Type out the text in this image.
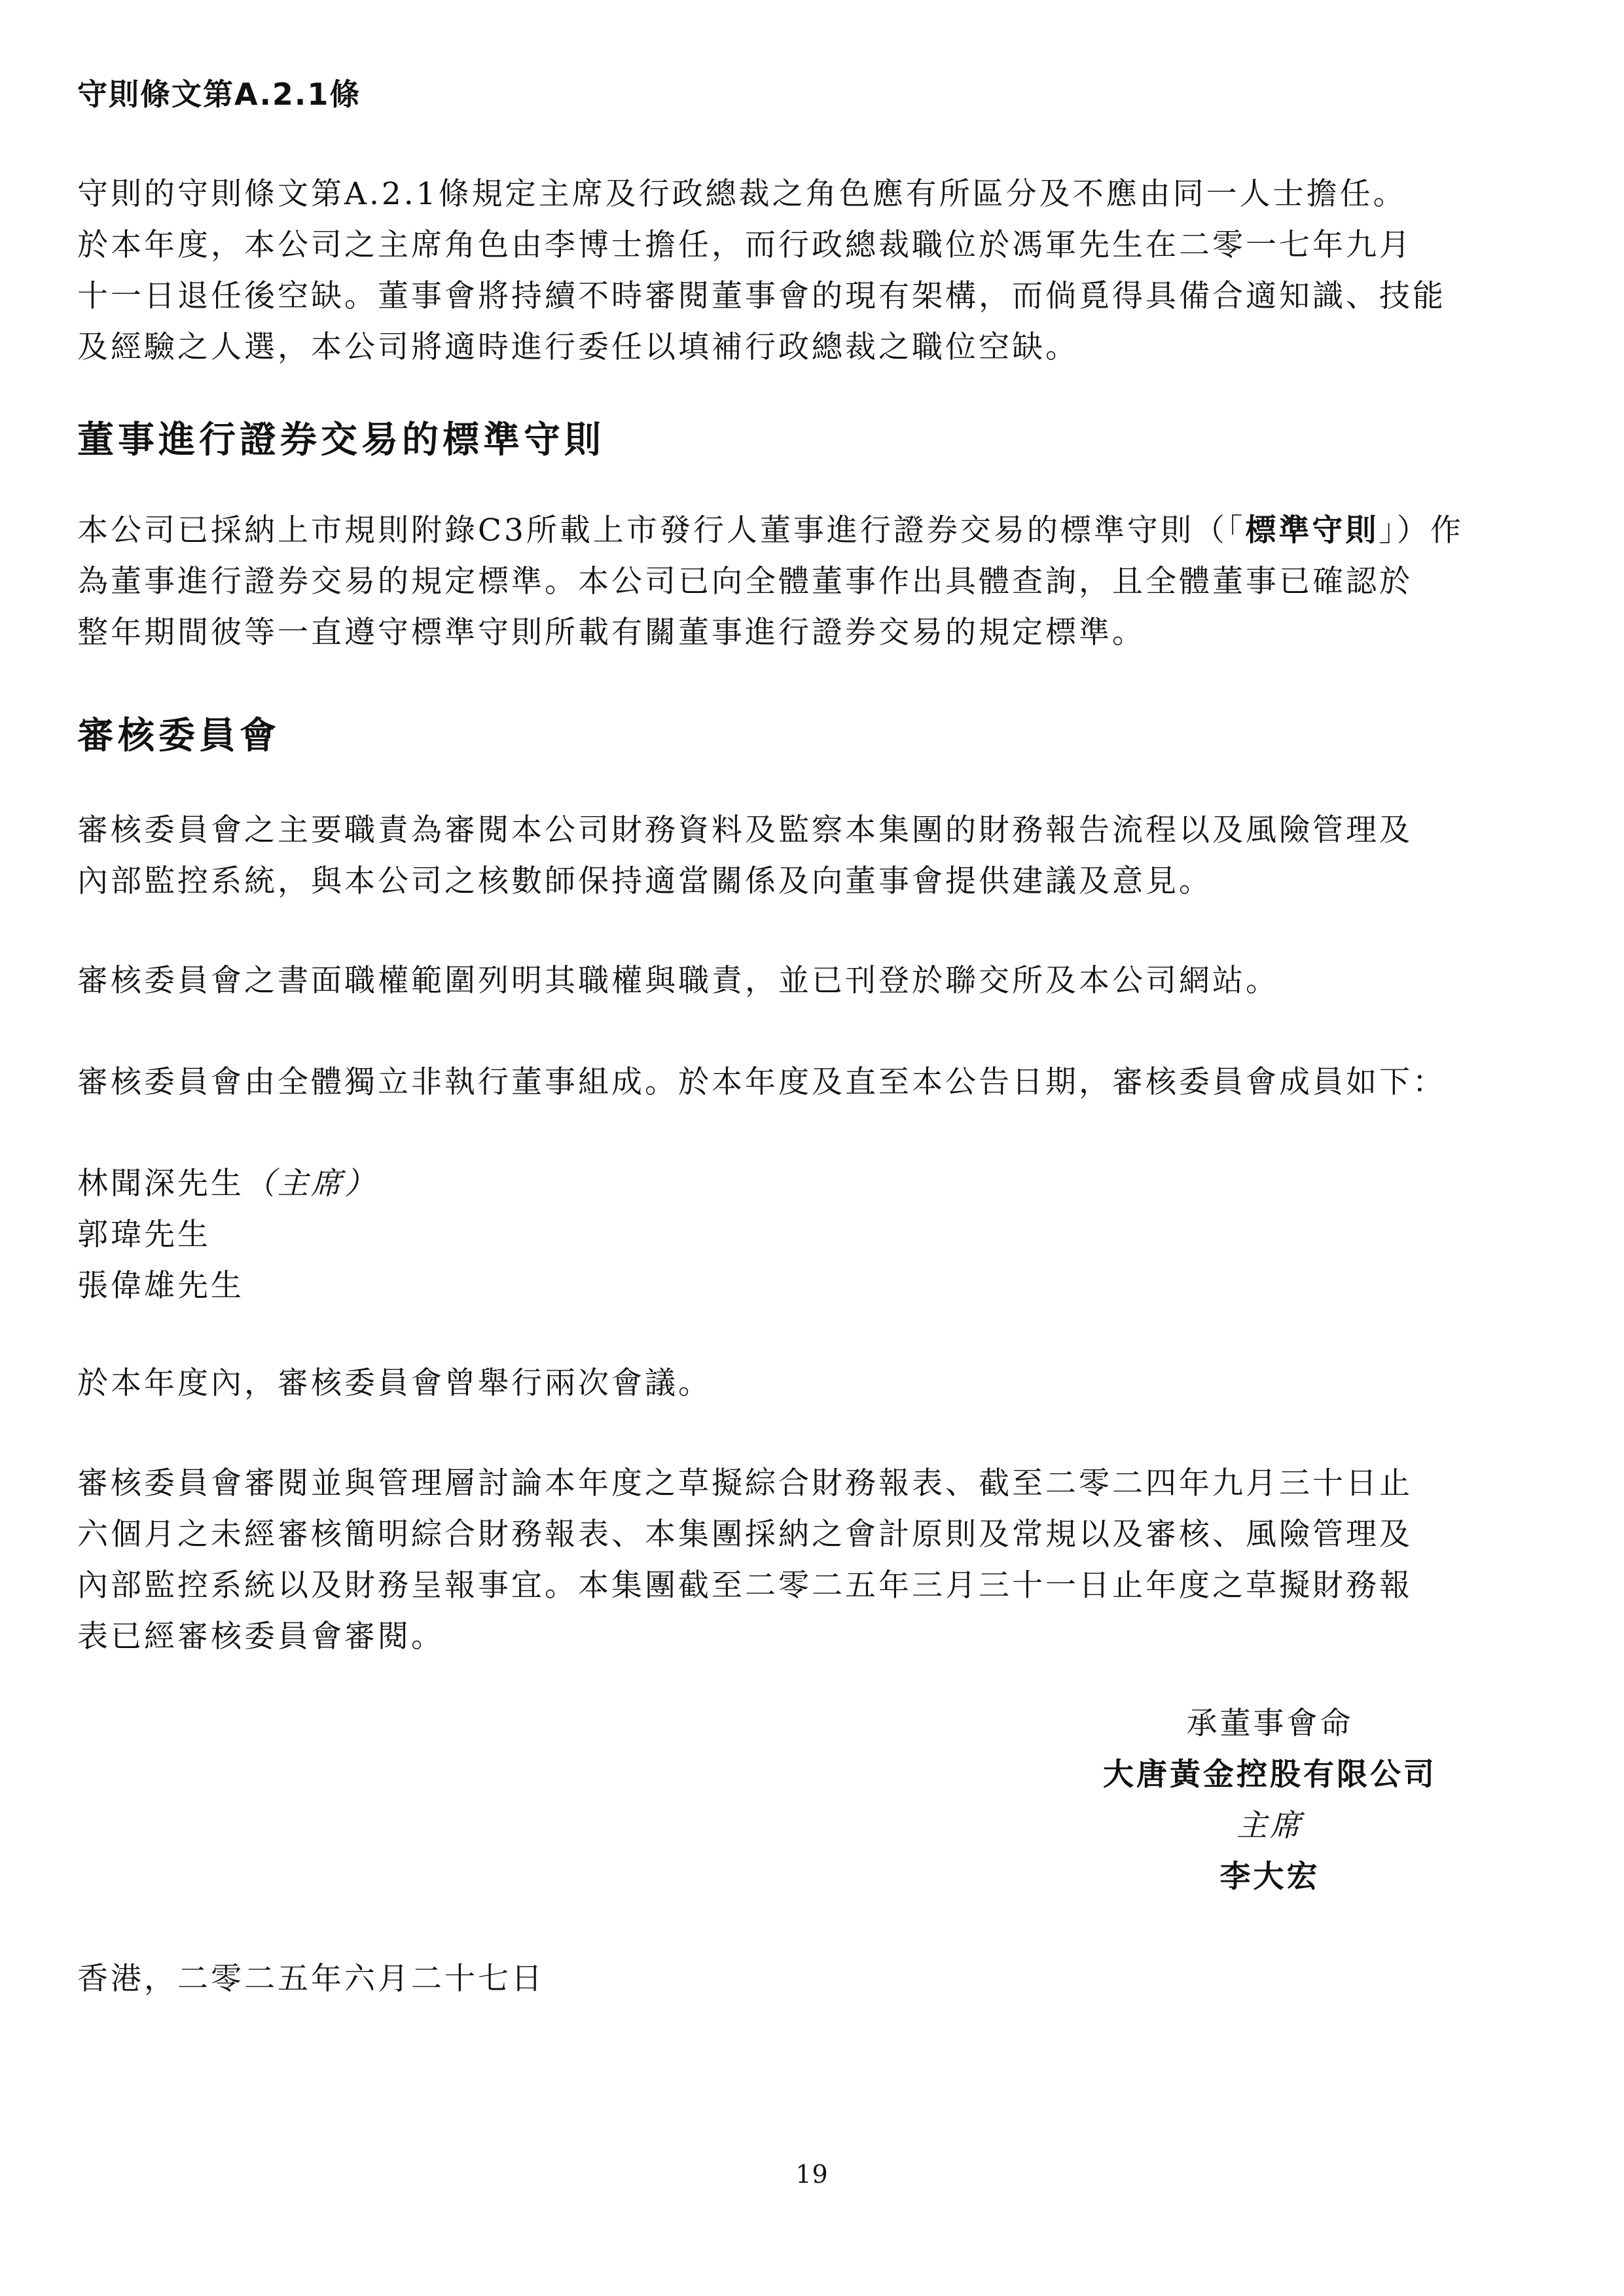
守則條文第A.2.1條

守則的守則條文第A.2.1條規定主席及行政總裁之角色應有所區分及不應由同一人士擔任。
於本年度，本公司之主席角色由李博士擔任，而行政總裁職位於馮軍先生在二零一七年九月
十一日退任後空缺。董事會將持續不時審閱董事會的現有架構，而倘覓得具備合適知識、技能
及經驗之人選，本公司將適時進行委任以填補行政總裁之職位空缺。

董事進行證券交易的標準守則

本公司已採納上市規則附錄C3所載上市發行人董事進行證券交易的標準守則（「標準守則」）作
為董事進行證券交易的規定標準。本公司已向全體董事作出具體查詢，且全體董事已確認於
整年期間彼等一直遵守標準守則所載有關董事進行證券交易的規定標準。

審核委員會

審核委員會之主要職責為審閱本公司財務資料及監察本集團的財務報告流程以及風險管理及
內部監控系統，與本公司之核數師保持適當關係及向董事會提供建議及意見。

審核委員會之書面職權範圍列明其職權與職責，並已刊登於聯交所及本公司網站。

審核委員會由全體獨立非執行董事組成。於本年度及直至本公告日期，審核委員會成員如下：

林聞深先生（主席）
郭瑋先生
張偉雄先生

於本年度內，審核委員會曾舉行兩次會議。

審核委員會審閱並與管理層討論本年度之草擬綜合財務報表、截至二零二四年九月三十日止
六個月之未經審核簡明綜合財務報表、本集團採納之會計原則及常規以及審核、風險管理及
內部監控系統以及財務呈報事宜。本集團截至二零二五年三月三十一日止年度之草擬財務報
表已經審核委員會審閱。

承董事會命
大唐黃金控股有限公司
主席
李大宏

香港，二零二五年六月二十七日

19
